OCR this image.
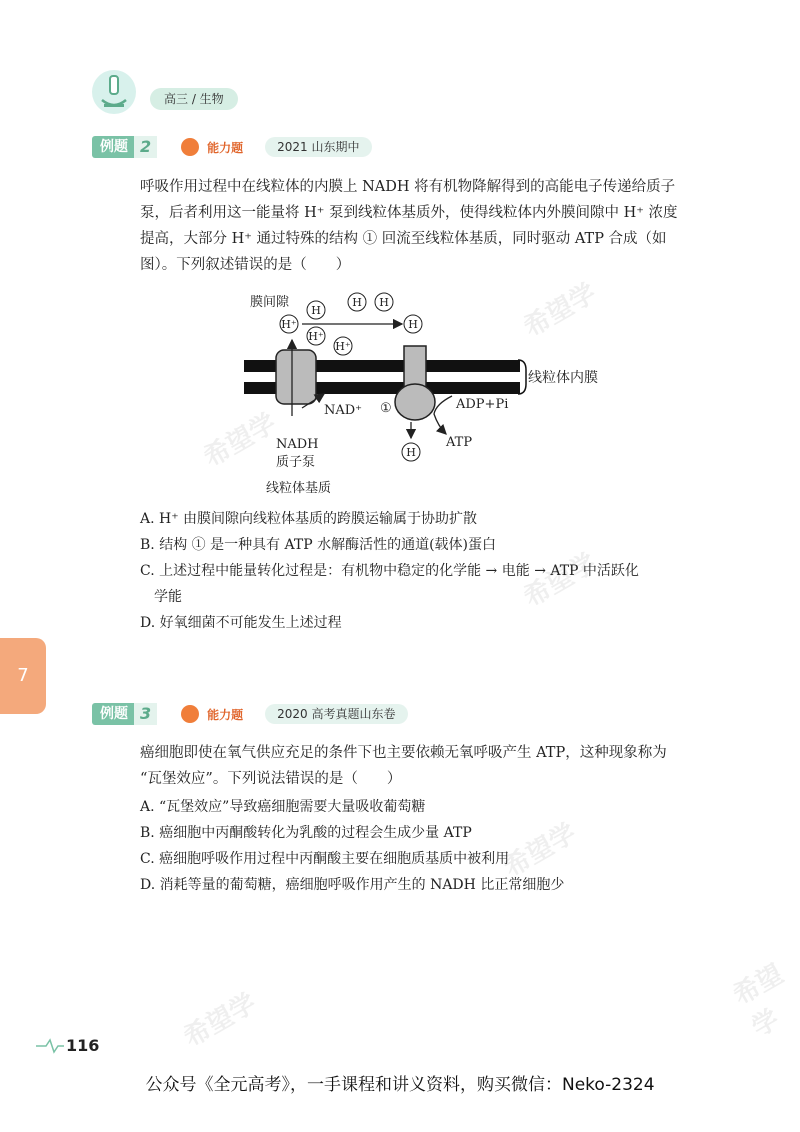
希望学
希望学
希望学
希望学
希望学
希望学
高三 / 生物
例题 2	能力题	2021 山东期中
呼吸作用过程中在线粒体的内膜上 NADH 将有机物降解得到的高能电子传递给质子
泵，后者利用这一能量将 H⁺ 泵到线粒体基质外，使得线粒体内外膜间隙中 H⁺ 浓度
提高，大部分 H⁺ 通过特殊的结构 ① 回流至线粒体基质，同时驱动 ATP 合成（如
图）。下列叙述错误的是（　　）
线粒体内膜
H⁺
H
H H
H⁺
H⁺
H
H
膜间隙
NAD⁺
NADH
质子泵
线粒体基质
ADP+Pi
ATP
①
A. H⁺ 由膜间隙向线粒体基质的跨膜运输属于协助扩散
B. 结构 ① 是一种具有 ATP 水解酶活性的通道(载体)蛋白
C. 上述过程中能量转化过程是：有机物中稳定的化学能 → 电能 → ATP 中活跃化
学能
D. 好氧细菌不可能发生上述过程
7
例题 3	能力题	2020 高考真题山东卷
癌细胞即使在氧气供应充足的条件下也主要依赖无氧呼吸产生 ATP，这种现象称为
“瓦堡效应”。下列说法错误的是（　　）
A. “瓦堡效应”导致癌细胞需要大量吸收葡萄糖
B. 癌细胞中丙酮酸转化为乳酸的过程会生成少量 ATP
C. 癌细胞呼吸作用过程中丙酮酸主要在细胞质基质中被利用
D. 消耗等量的葡萄糖，癌细胞呼吸作用产生的 NADH 比正常细胞少
116
公众号《全元高考》，一手课程和讲义资料，购买微信：Neko-2324
